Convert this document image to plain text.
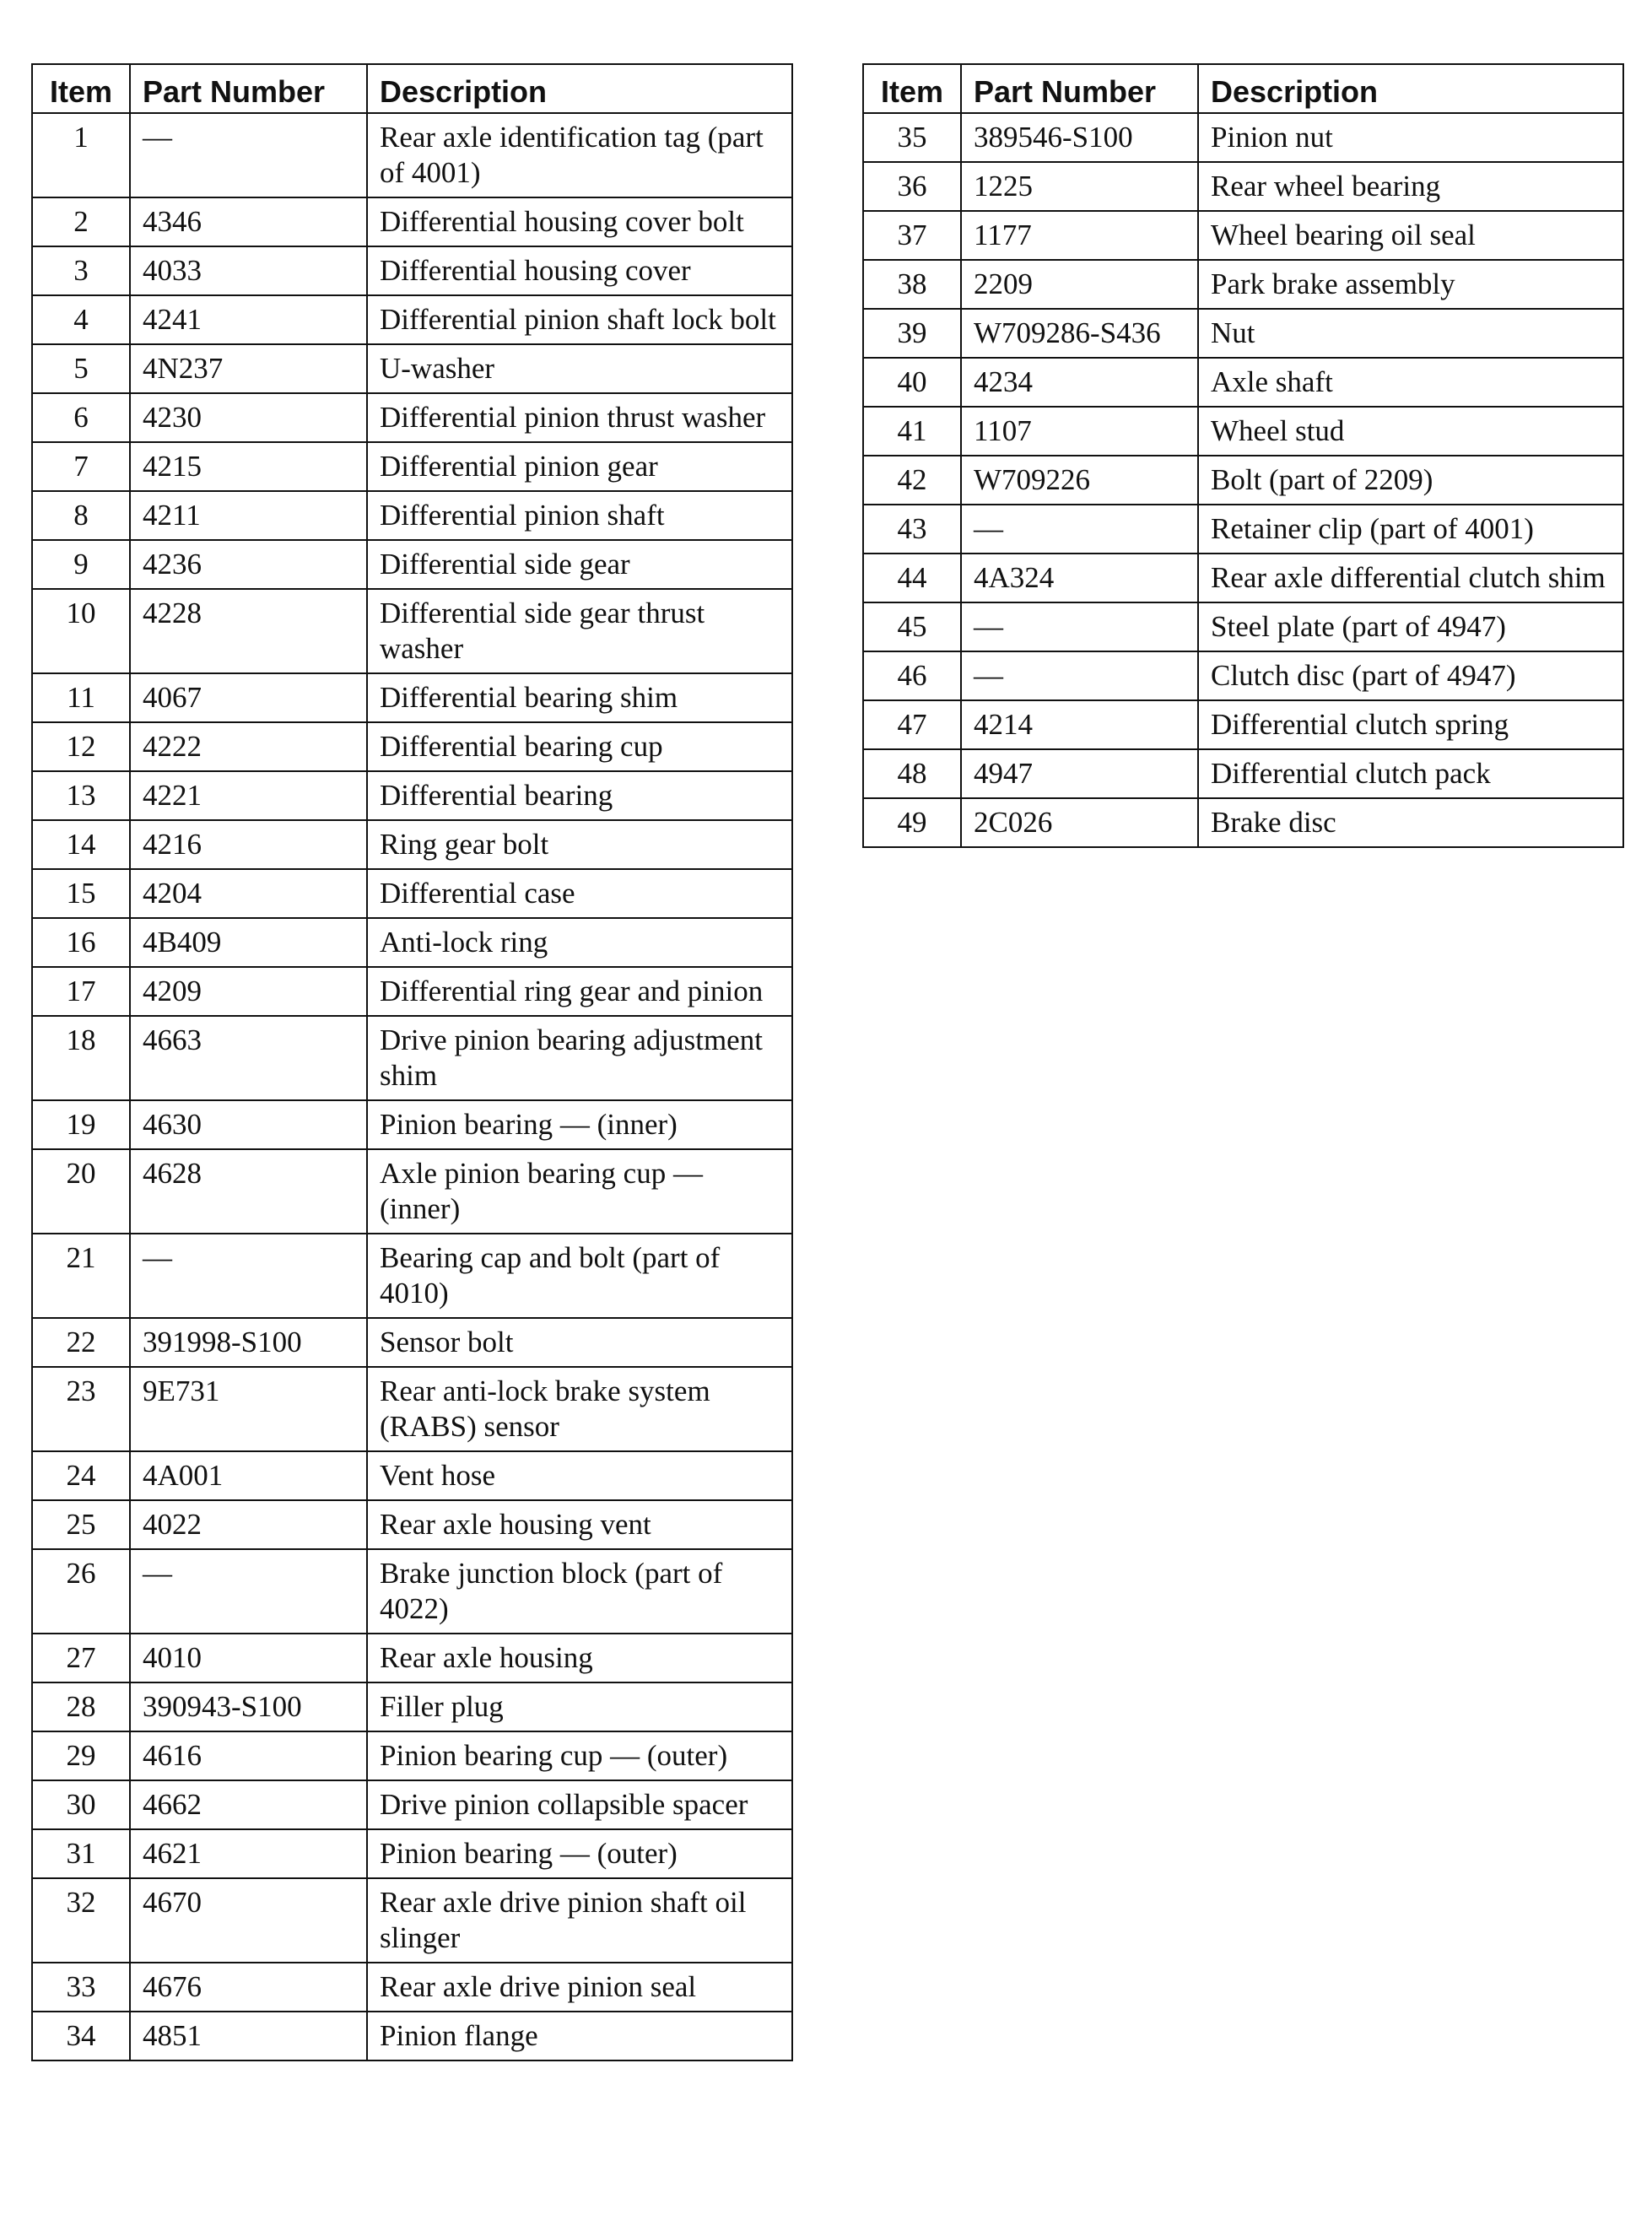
Item	Part Number	Description
1	—	Rear axle identification tag (part of 4001)
2	4346	Differential housing cover bolt
3	4033	Differential housing cover
4	4241	Differential pinion shaft lock bolt
5	4N237	U-washer
6	4230	Differential pinion thrust washer
7	4215	Differential pinion gear
8	4211	Differential pinion shaft
9	4236	Differential side gear
10	4228	Differential side gear thrust washer
11	4067	Differential bearing shim
12	4222	Differential bearing cup
13	4221	Differential bearing
14	4216	Ring gear bolt
15	4204	Differential case
16	4B409	Anti-lock ring
17	4209	Differential ring gear and pinion
18	4663	Drive pinion bearing adjustment shim
19	4630	Pinion bearing — (inner)
20	4628	Axle pinion bearing cup — (inner)
21	—	Bearing cap and bolt (part of 4010)
22	391998-S100	Sensor bolt
23	9E731	Rear anti-lock brake system (RABS) sensor
24	4A001	Vent hose
25	4022	Rear axle housing vent
26	—	Brake junction block (part of 4022)
27	4010	Rear axle housing
28	390943-S100	Filler plug
29	4616	Pinion bearing cup — (outer)
30	4662	Drive pinion collapsible spacer
31	4621	Pinion bearing — (outer)
32	4670	Rear axle drive pinion shaft oil slinger
33	4676	Rear axle drive pinion seal
34	4851	Pinion flange
Item	Part Number	Description
35	389546-S100	Pinion nut
36	1225	Rear wheel bearing
37	1177	Wheel bearing oil seal
38	2209	Park brake assembly
39	W709286-S436	Nut
40	4234	Axle shaft
41	1107	Wheel stud
42	W709226	Bolt (part of 2209)
43	—	Retainer clip (part of 4001)
44	4A324	Rear axle differential clutch shim
45	—	Steel plate (part of 4947)
46	—	Clutch disc (part of 4947)
47	4214	Differential clutch spring
48	4947	Differential clutch pack
49	2C026	Brake disc
